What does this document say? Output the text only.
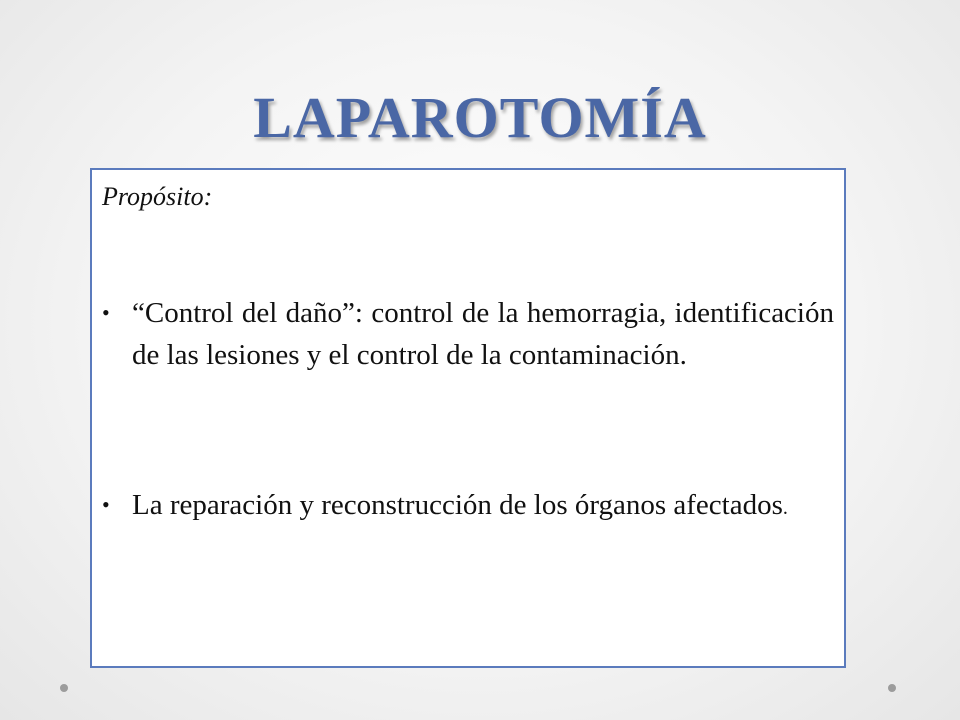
LAPAROTOMÍA
Propósito:
• “Control del daño”: control de la hemorragia, identificación de las lesiones y el control de la contaminación.
• La reparación y reconstrucción de los órganos afectados.
